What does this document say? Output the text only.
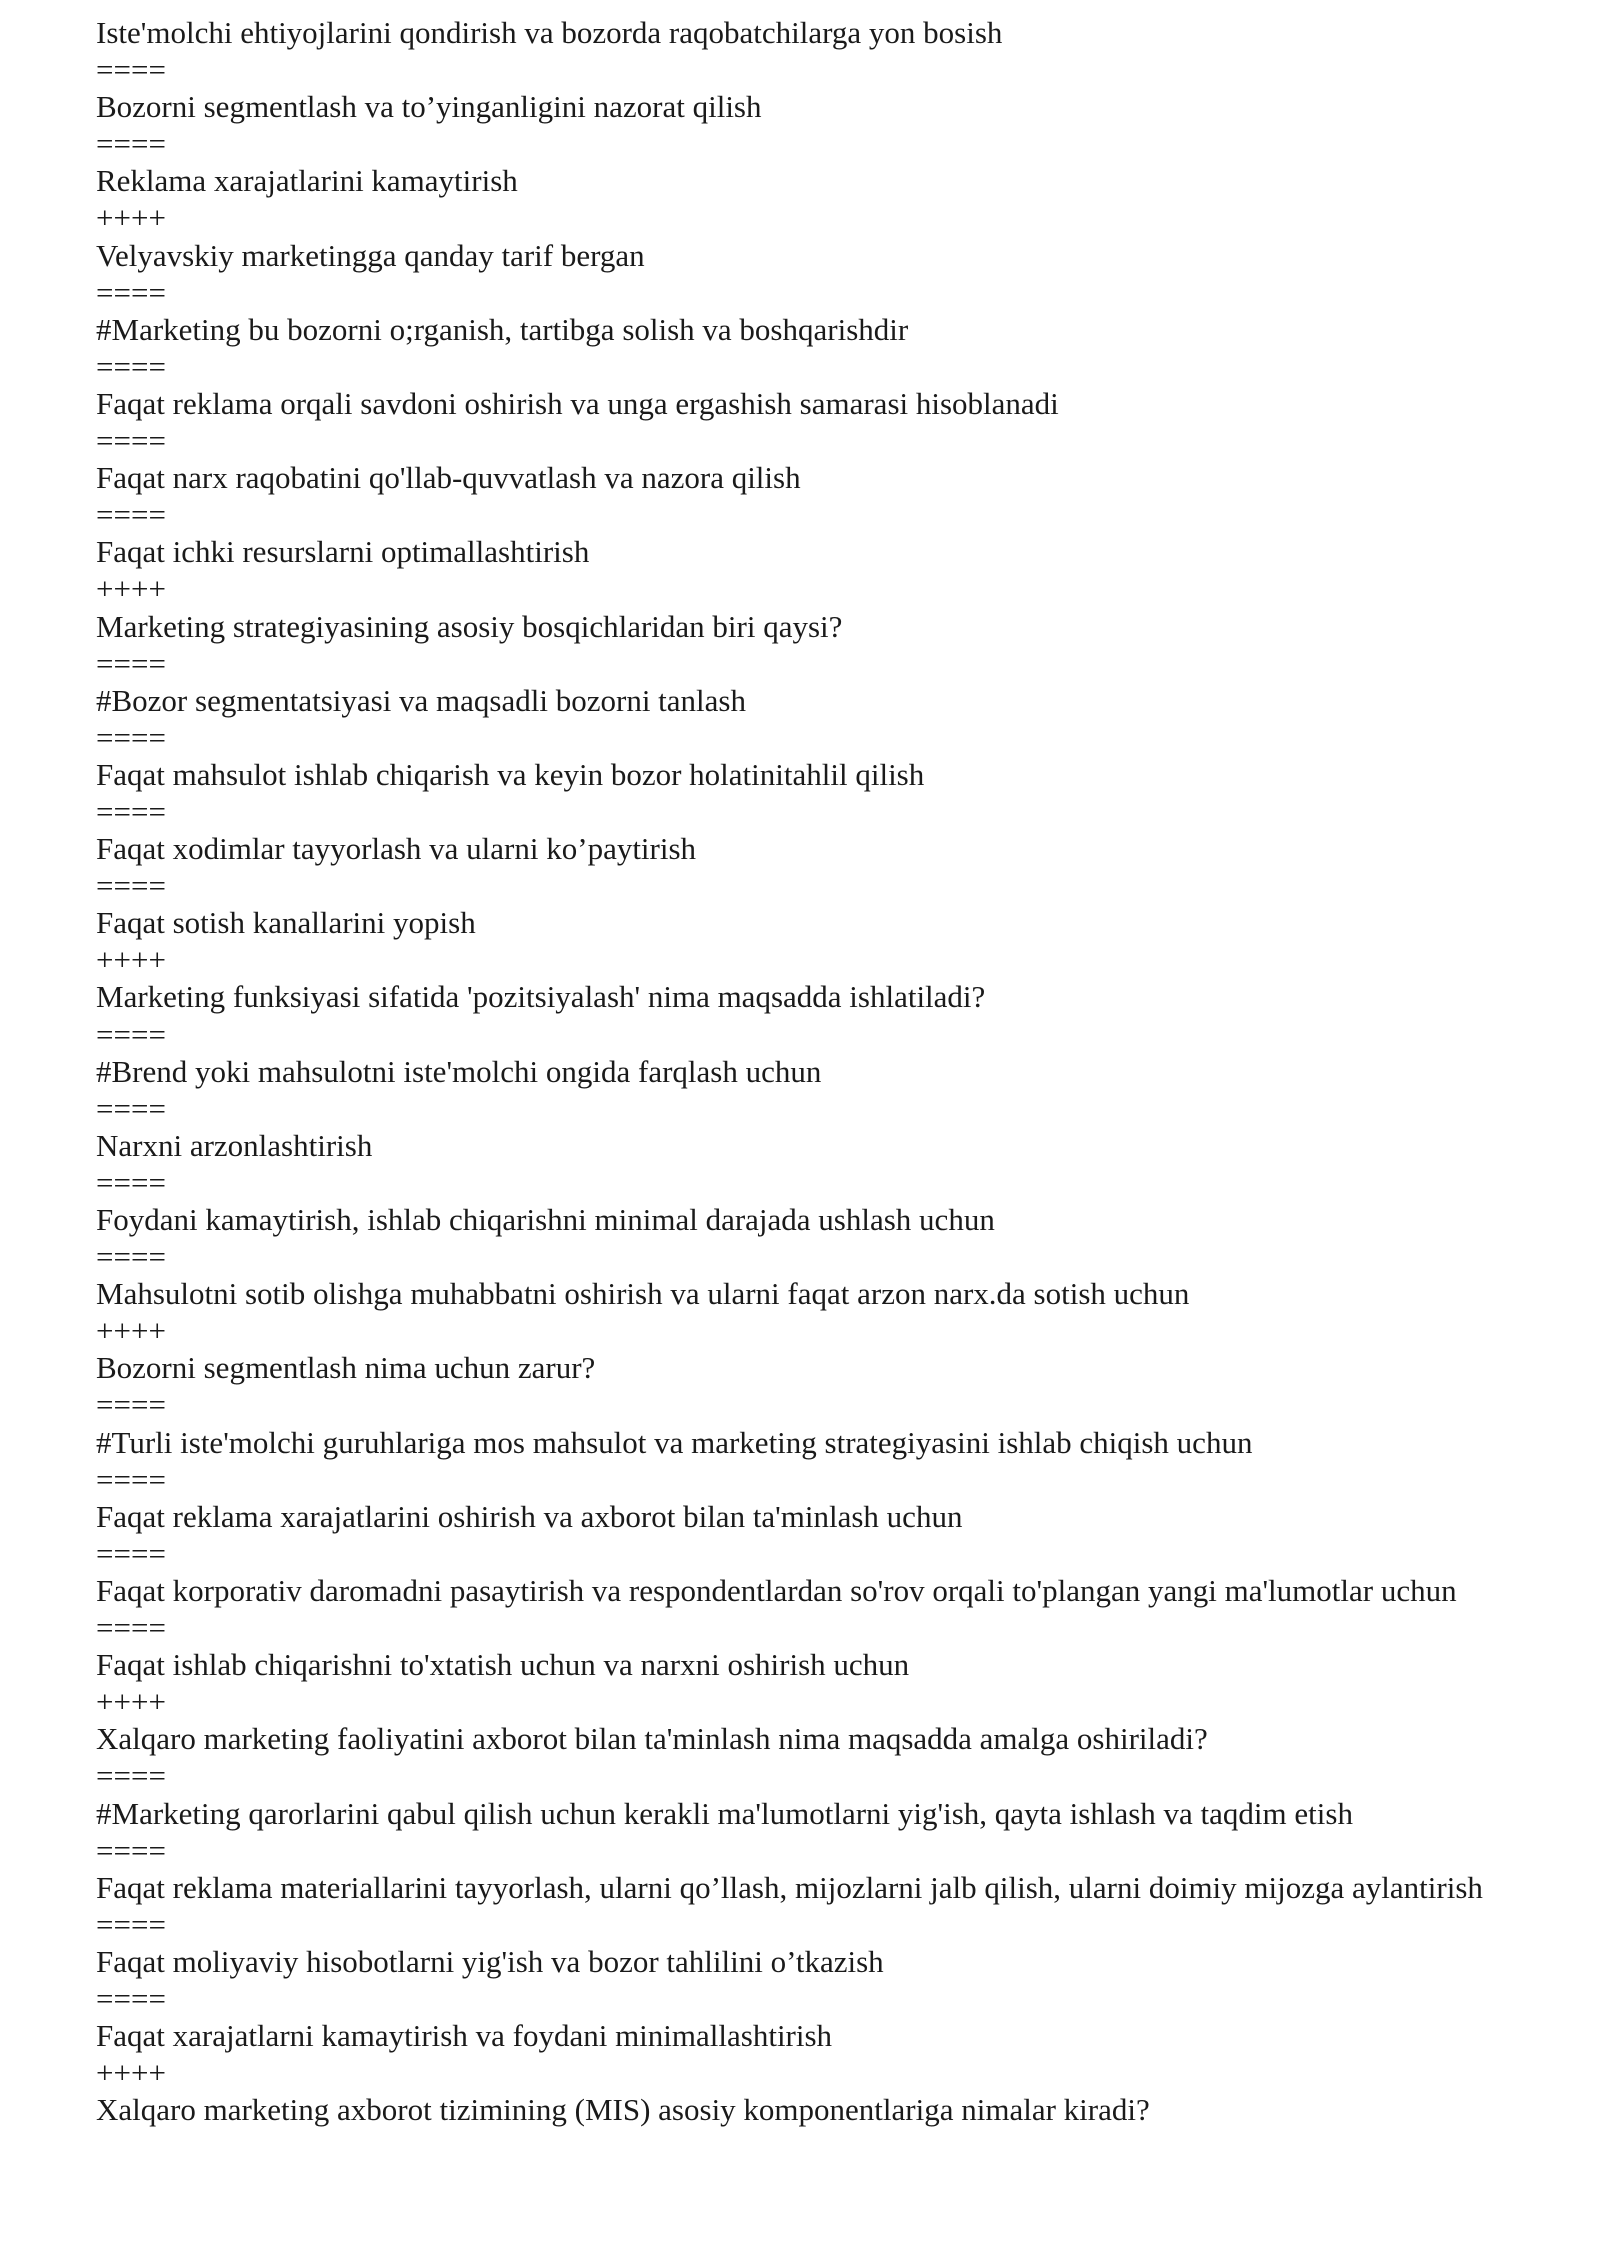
Iste'molchi ehtiyojlarini qondirish va bozorda raqobatchilarga yon bosish

====

Bozorni segmentlash va to’yinganligini nazorat qilish

====

Reklama xarajatlarini kamaytirish

++++

Velyavskiy marketingga qanday tarif bergan

====

#Marketing bu bozorni o;rganish, tartibga solish va boshqarishdir

====

Faqat reklama orqali savdoni oshirish va unga ergashish samarasi hisoblanadi

====

Faqat narx raqobatini qo'llab-quvvatlash va nazora qilish

====

Faqat ichki resurslarni optimallashtirish

++++

Marketing strategiyasining asosiy bosqichlaridan biri qaysi?

====

#Bozor segmentatsiyasi va maqsadli bozorni tanlash

====

Faqat mahsulot ishlab chiqarish va keyin bozor holatinitahlil qilish

====

Faqat xodimlar tayyorlash va ularni ko’paytirish

====

Faqat sotish kanallarini yopish

++++

Marketing funksiyasi sifatida 'pozitsiyalash' nima maqsadda ishlatiladi?

====

#Brend yoki mahsulotni iste'molchi ongida farqlash uchun

====

Narxni arzonlashtirish

====

Foydani kamaytirish, ishlab chiqarishni minimal darajada ushlash uchun

====

Mahsulotni sotib olishga muhabbatni oshirish va ularni faqat arzon narx.da sotish uchun

++++

Bozorni segmentlash nima uchun zarur?

====

#Turli iste'molchi guruhlariga mos mahsulot va marketing strategiyasini ishlab chiqish uchun

====

Faqat reklama xarajatlarini oshirish va axborot bilan ta'minlash uchun

====

Faqat korporativ daromadni pasaytirish va respondentlardan so'rov orqali to'plangan yangi ma'lumotlar uchun

====

Faqat ishlab chiqarishni to'xtatish uchun va narxni oshirish uchun

++++

Xalqaro marketing faoliyatini axborot bilan ta'minlash nima maqsadda amalga oshiriladi?

====

#Marketing qarorlarini qabul qilish uchun kerakli ma'lumotlarni yig'ish, qayta ishlash va taqdim etish

====

Faqat reklama materiallarini tayyorlash, ularni qo’llash, mijozlarni jalb qilish, ularni doimiy mijozga aylantirish

====

Faqat moliyaviy hisobotlarni yig'ish va bozor tahlilini o’tkazish

====

Faqat xarajatlarni kamaytirish va foydani minimallashtirish

++++

Xalqaro marketing axborot tizimining (MIS) asosiy komponentlariga nimalar kiradi?
